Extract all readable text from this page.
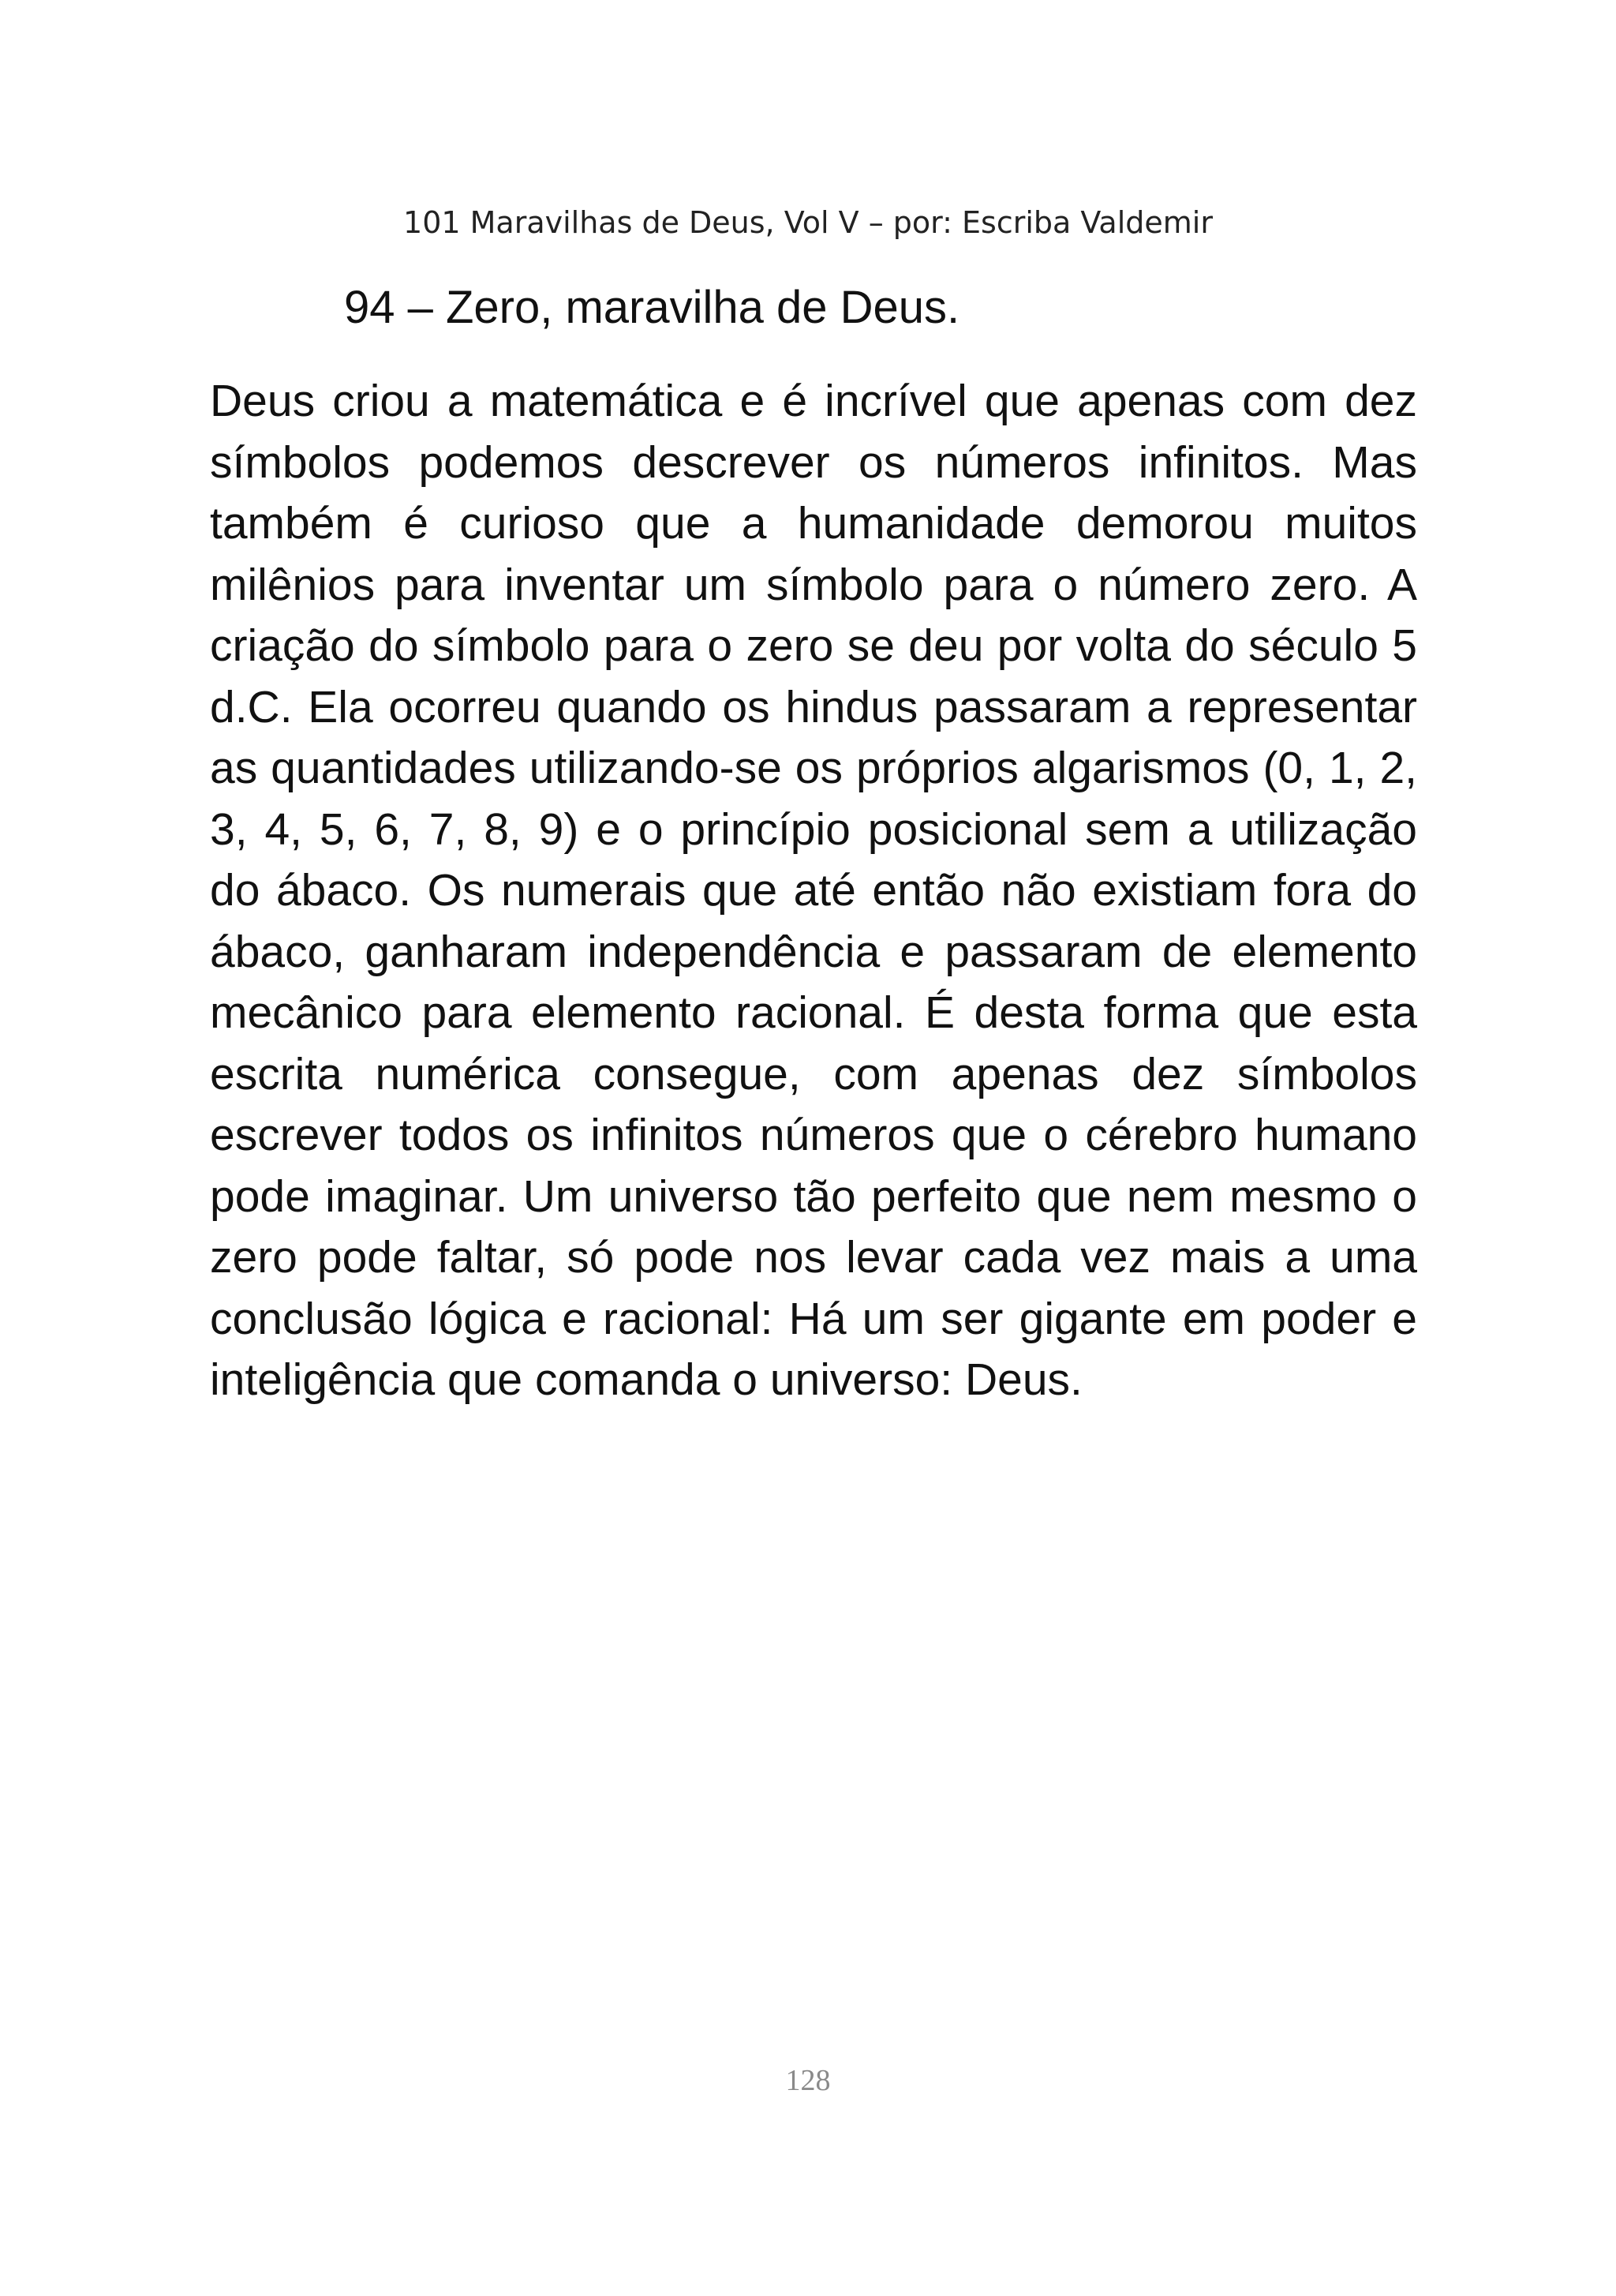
101 Maravilhas de Deus, Vol V – por: Escriba Valdemir
94 – Zero, maravilha de Deus.

Deus criou a matemática e é incrível que apenas com dez símbolos podemos descrever os números infinitos. Mas também é curioso que a humanidade demorou muitos milênios para inventar um símbolo para o número zero. A criação do símbolo para o zero se deu por volta do século 5 d.C. Ela ocorreu quando os hindus passaram a representar as quantidades utilizando-se os próprios algarismos (0, 1, 2, 3, 4, 5, 6, 7, 8, 9) e o princípio posicional sem a utilização do ábaco. Os numerais que até então não existiam fora do ábaco, ganharam independência e passaram de elemento mecânico para elemento racional. É desta forma que esta escrita numérica consegue, com apenas dez símbolos escrever todos os infinitos números que o cérebro humano pode imaginar. Um universo tão perfeito que nem mesmo o zero pode faltar, só pode nos levar cada vez mais a uma conclusão lógica e racional: Há um ser gigante em poder e inteligência que comanda o universo: Deus.

128
